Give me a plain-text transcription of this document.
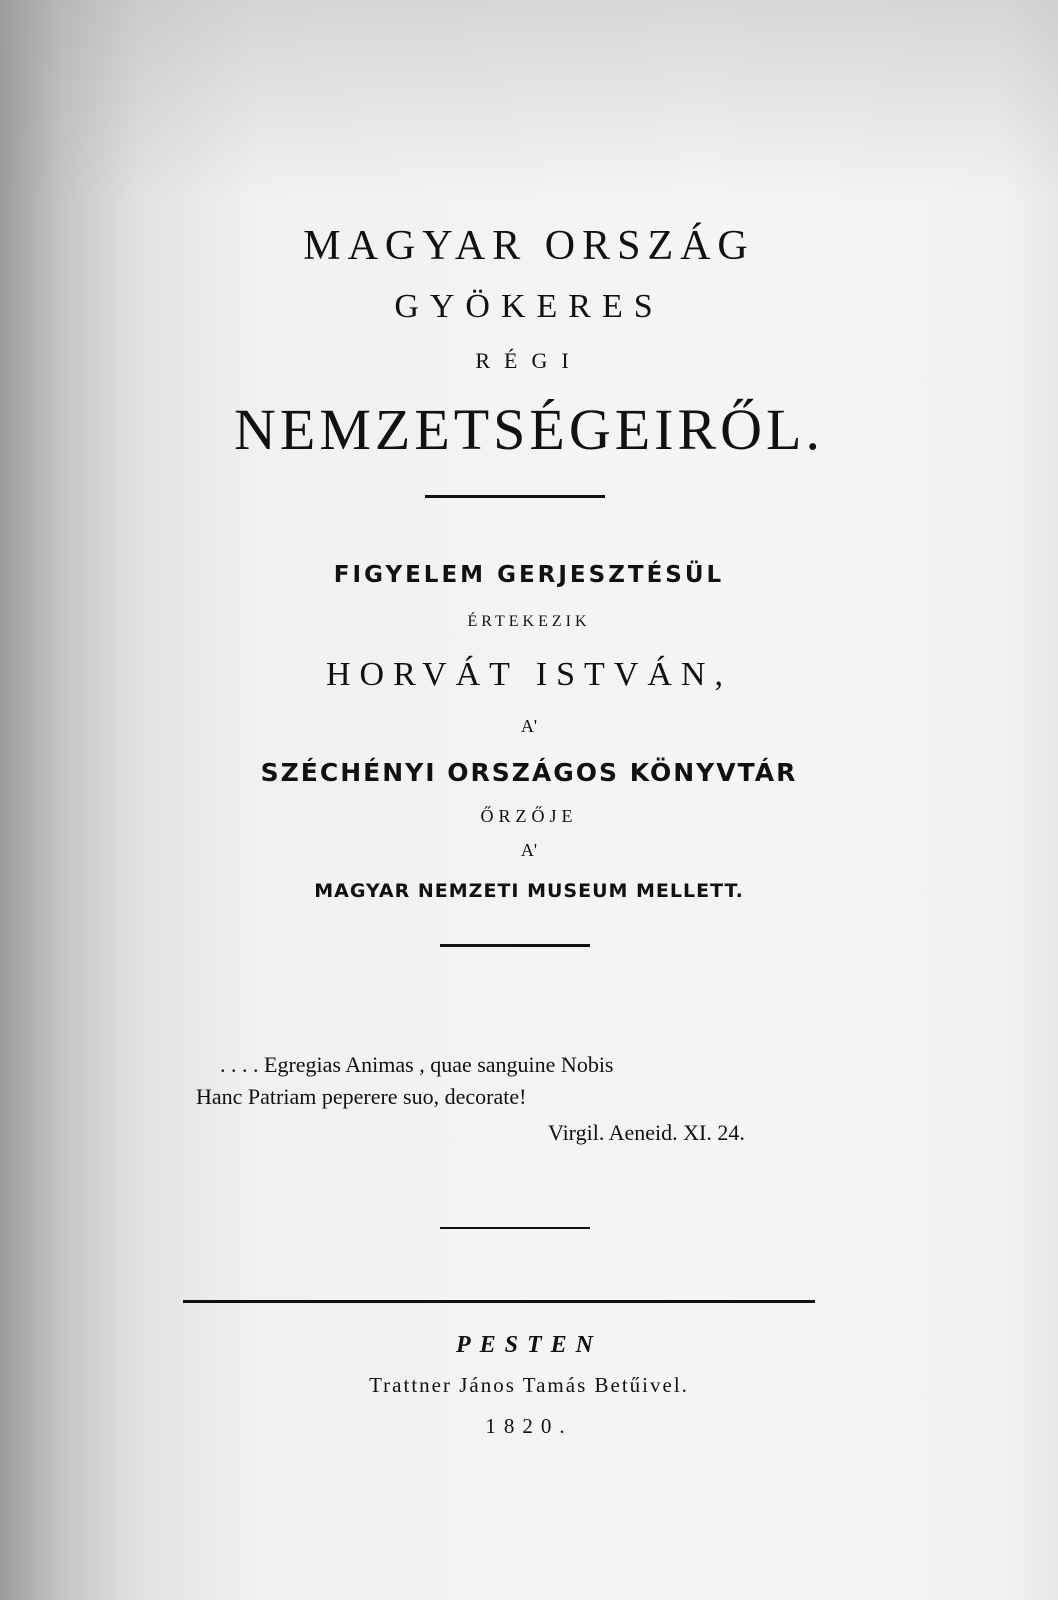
MAGYAR ORSZÁG
GYÖKERES
RÉGI
NEMZETSÉGEIRŐL.
FIGYELEM GERJESZTÉSÜL
ÉRTEKEZIK
HORVÁT ISTVÁN,
A'
SZÉCHÉNYI ORSZÁGOS KÖNYVTÁR
ŐRZŐJE
A'
MAGYAR NEMZETI MUSEUM MELLETT.
. . . . Egregias Animas , quae sanguine Nobis
Hanc Patriam peperere suo, decorate!
Virgil. Aeneid. XI. 24.
PESTEN
Trattner János Tamás Betűivel.
1820.
